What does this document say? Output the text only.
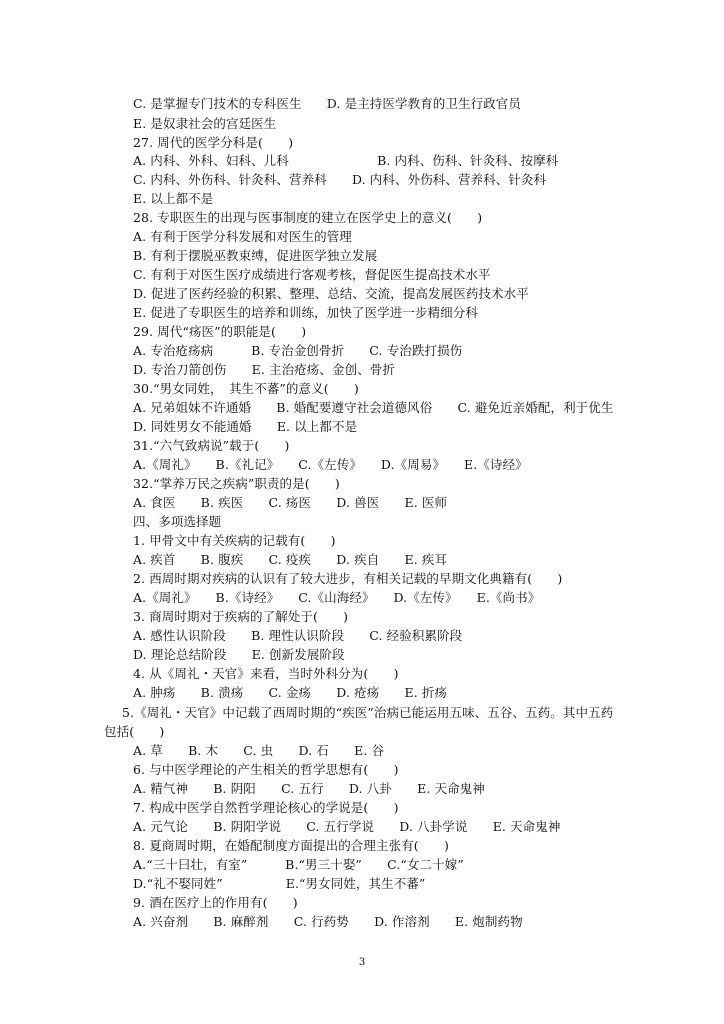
C. 是掌握专门技术的专科医生　　D. 是主持医学教育的卫生行政官员
E. 是奴隶社会的宫廷医生
27. 周代的医学分科是(　　)
A. 内科、外科、妇科、儿科　　　　　　　B. 内科、伤科、针灸科、按摩科
C. 内科、外伤科、针灸科、营养科　　D. 内科、外伤科、营养科、针灸科
E. 以上都不是
28. 专职医生的出现与医事制度的建立在医学史上的意义(　　)
A. 有利于医学分科发展和对医生的管理
B. 有利于摆脱巫教束缚，促进医学独立发展
C. 有利于对医生医疗成绩进行客观考核，督促医生提高技术水平
D. 促进了医药经验的积累、整理、总结、交流，提高发展医药技术水平
E. 促进了专职医生的培养和训练，加快了医学进一步精细分科
29. 周代“疡医”的职能是(　　)
A. 专治疮疡病　　　B. 专治金创骨折　　C. 专治跌打损伤
D. 专治刀箭创伤　　E. 主治疮疡、金创、骨折
30.“男女同姓，　其生不蕃”的意义(　　)
A. 兄弟姐妹不许通婚　　B. 婚配要遵守社会道德风俗　　C. 避免近亲婚配，利于优生
D. 同姓男女不能通婚　　E. 以上都不是
31.“六气致病说”载于(　　)
A.《周礼》　　B.《礼记》　　C.《左传》　　D.《周易》　　E.《诗经》
32.“掌养万民之疾病”职责的是(　　)
A. 食医　　B. 疾医　　C. 疡医　　D. 兽医　　E. 医师
四、多项选择题
1. 甲骨文中有关疾病的记载有(　　)
A. 疾首　　B. 腹疾　　C. 疫疾　　D. 疾自　　E. 疾耳
2. 西周时期对疾病的认识有了较大进步，有相关记载的早期文化典籍有(　　)
A.《周礼》　　B.《诗经》　　C.《山海经》　　D.《左传》　　E.《尚书》
3. 商周时期对于疾病的了解处于(　　)
A. 感性认识阶段　　B. 理性认识阶段　　C. 经验积累阶段
D. 理论总结阶段　　E. 创新发展阶段
4. 从《周礼・天官》来看，当时外科分为(　　)
A. 肿疡　　B. 溃疡　　C. 金疡　　D. 疮疡　　E. 折疡
5.《周礼・天官》中记载了西周时期的“疾医”治病已能运用五味、五谷、五药。其中五药
包括(　　)
A. 草　　B. 木　　C. 虫　　D. 石　　E. 谷
6. 与中医学理论的产生相关的哲学思想有(　　)
A. 精气神　　B. 阴阳　　C. 五行　　D. 八卦　　E. 天命鬼神
7. 构成中医学自然哲学理论核心的学说是(　　)
A. 元气论　　B. 阴阳学说　　C. 五行学说　　D. 八卦学说　　E. 天命鬼神
8. 夏商周时期，在婚配制度方面提出的合理主张有(　　)
A.“三十曰壮，有室”　　　B.“男三十娶”　　C.“女二十嫁”
D.“礼不娶同姓”　　　　　E.“男女同姓，其生不蕃”
9. 酒在医疗上的作用有(　　)
A. 兴奋剂　　B. 麻醉剂　　C. 行药势　　D. 作溶剂　　E. 炮制药物
3
